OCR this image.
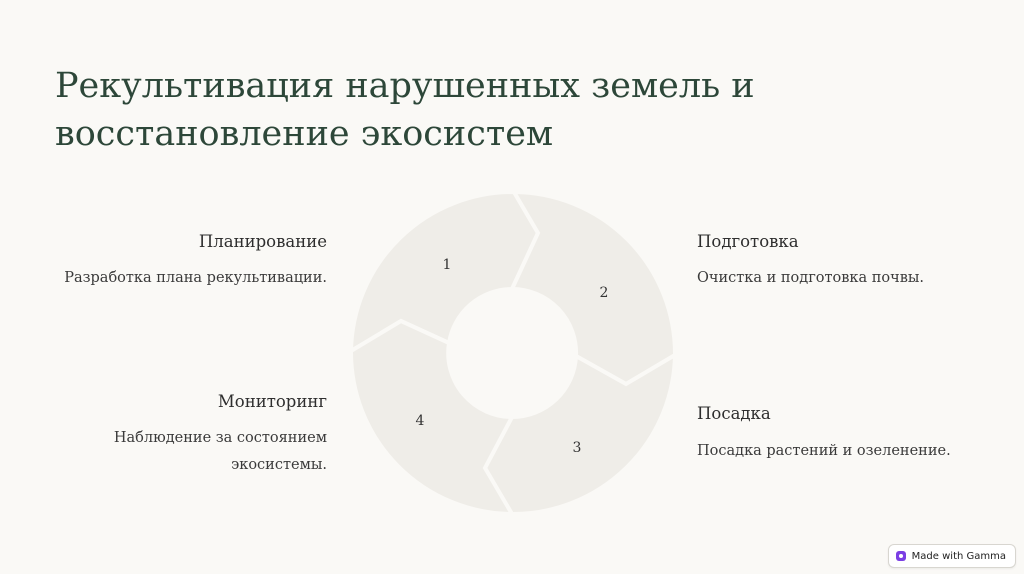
Рекультивация нарушенных земель и
восстановление экосистем
1
2
3
4
Планирование

Разработка плана рекультивации.

Подготовка

Очистка и подготовка почвы.

Мониторинг

Наблюдение за состоянием
экосистемы.

Посадка

Посадка растений и озеленение.

Made with Gamma
